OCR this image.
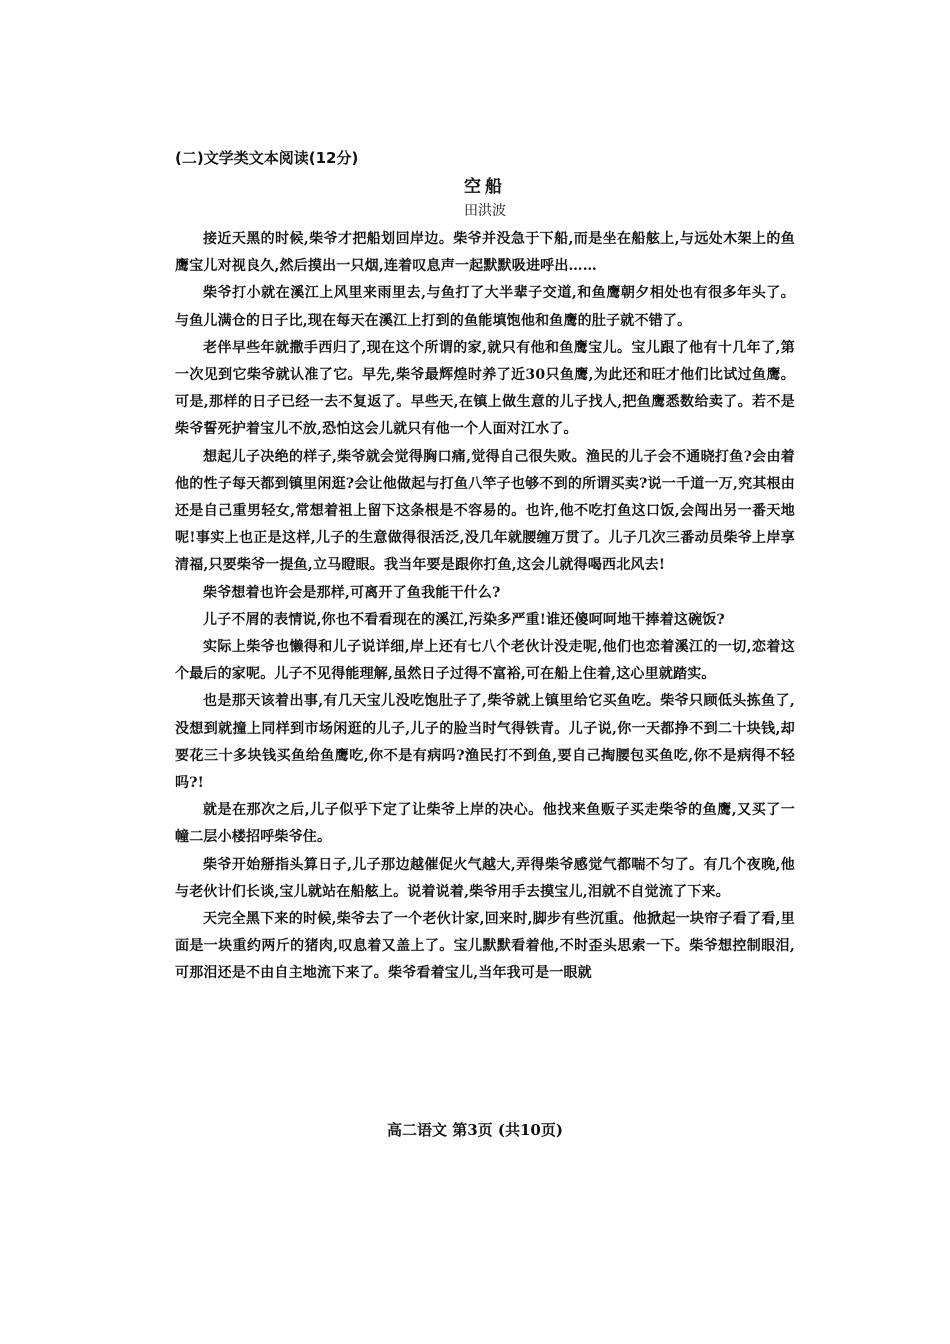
(二)文学类文本阅读(12分)
空船
田洪波

接近天黑的时候,柴爷才把船划回岸边。柴爷并没急于下船,而是坐在船舷上,与远处木架上的鱼鹰宝儿对视良久,然后摸出一只烟,连着叹息声一起默默吸进呼出……

柴爷打小就在溪江上风里来雨里去,与鱼打了大半辈子交道,和鱼鹰朝夕相处也有很多年头了。与鱼儿满仓的日子比,现在每天在溪江上打到的鱼能填饱他和鱼鹰的肚子就不错了。

老伴早些年就撒手西归了,现在这个所谓的家,就只有他和鱼鹰宝儿。宝儿跟了他有十几年了,第一次见到它柴爷就认准了它。早先,柴爷最辉煌时养了近30只鱼鹰,为此还和旺才他们比试过鱼鹰。可是,那样的日子已经一去不复返了。早些天,在镇上做生意的儿子找人,把鱼鹰悉数给卖了。若不是柴爷誓死护着宝儿不放,恐怕这会儿就只有他一个人面对江水了。

想起儿子决绝的样子,柴爷就会觉得胸口痛,觉得自己很失败。渔民的儿子会不通晓打鱼?会由着他的性子每天都到镇里闲逛?会让他做起与打鱼八竿子也够不到的所谓买卖?说一千道一万,究其根由还是自己重男轻女,常想着祖上留下这条根是不容易的。也许,他不吃打鱼这口饭,会闯出另一番天地呢!事实上也正是这样,儿子的生意做得很活泛,没几年就腰缠万贯了。儿子几次三番动员柴爷上岸享清福,只要柴爷一提鱼,立马瞪眼。我当年要是跟你打鱼,这会儿就得喝西北风去!

柴爷想着也许会是那样,可离开了鱼我能干什么?

儿子不屑的表情说,你也不看看现在的溪江,污染多严重!谁还傻呵呵地干捧着这碗饭?

实际上柴爷也懒得和儿子说详细,岸上还有七八个老伙计没走呢,他们也恋着溪江的一切,恋着这个最后的家呢。儿子不见得能理解,虽然日子过得不富裕,可在船上住着,这心里就踏实。

也是那天该着出事,有几天宝儿没吃饱肚子了,柴爷就上镇里给它买鱼吃。柴爷只顾低头拣鱼了,没想到就撞上同样到市场闲逛的儿子,儿子的脸当时气得铁青。儿子说,你一天都挣不到二十块钱,却要花三十多块钱买鱼给鱼鹰吃,你不是有病吗?渔民打不到鱼,要自己掏腰包买鱼吃,你不是病得不轻吗?!

就是在那次之后,儿子似乎下定了让柴爷上岸的决心。他找来鱼贩子买走柴爷的鱼鹰,又买了一幢二层小楼招呼柴爷住。

柴爷开始掰指头算日子,儿子那边越催促火气越大,弄得柴爷感觉气都喘不匀了。有几个夜晚,他与老伙计们长谈,宝儿就站在船舷上。说着说着,柴爷用手去摸宝儿,泪就不自觉流了下来。

天完全黑下来的时候,柴爷去了一个老伙计家,回来时,脚步有些沉重。他掀起一块帘子看了看,里面是一块重约两斤的猪肉,叹息着又盖上了。宝儿默默看着他,不时歪头思索一下。柴爷想控制眼泪,可那泪还是不由自主地流下来了。柴爷看着宝儿,当年我可是一眼就

高二语文 第3页 (共10页)
